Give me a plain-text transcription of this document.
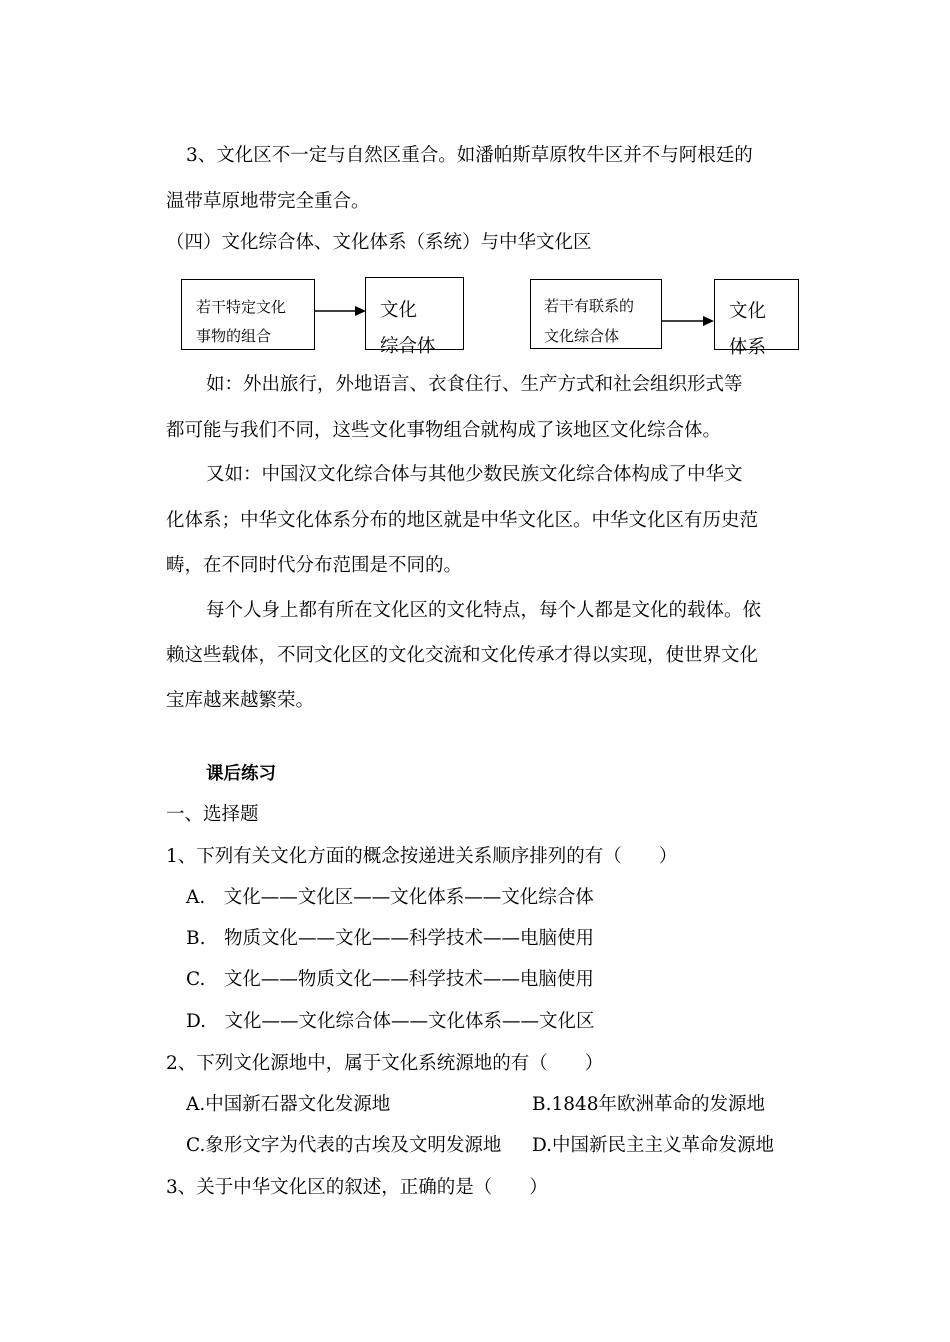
3、文化区不一定与自然区重合。如潘帕斯草原牧牛区并不与阿根廷的
温带草原地带完全重合。
（四）文化综合体、文化体系（系统）与中华文化区
若干特定文化
事物的组合
文化
综合体
若干有联系的
文化综合体
文化
体系
如：外出旅行，外地语言、衣食住行、生产方式和社会组织形式等
都可能与我们不同，这些文化事物组合就构成了该地区文化综合体。
又如：中国汉文化综合体与其他少数民族文化综合体构成了中华文
化体系；中华文化体系分布的地区就是中华文化区。中华文化区有历史范
畴，在不同时代分布范围是不同的。
每个人身上都有所在文化区的文化特点，每个人都是文化的载体。依
赖这些载体，不同文化区的文化交流和文化传承才得以实现，使世界文化
宝库越来越繁荣。
课后练习
一、选择题
1、下列有关文化方面的概念按递进关系顺序排列的有（　　）
A.　文化——文化区——文化体系——文化综合体
B.　物质文化——文化——科学技术——电脑使用
C.　文化——物质文化——科学技术——电脑使用
D.　文化——文化综合体——文化体系——文化区
2、下列文化源地中，属于文化系统源地的有（　　）
A.中国新石器文化发源地	B.1848年欧洲革命的发源地
C.象形文字为代表的古埃及文明发源地 D.中国新民主主义革命发源地
3、关于中华文化区的叙述，正确的是（　　）
